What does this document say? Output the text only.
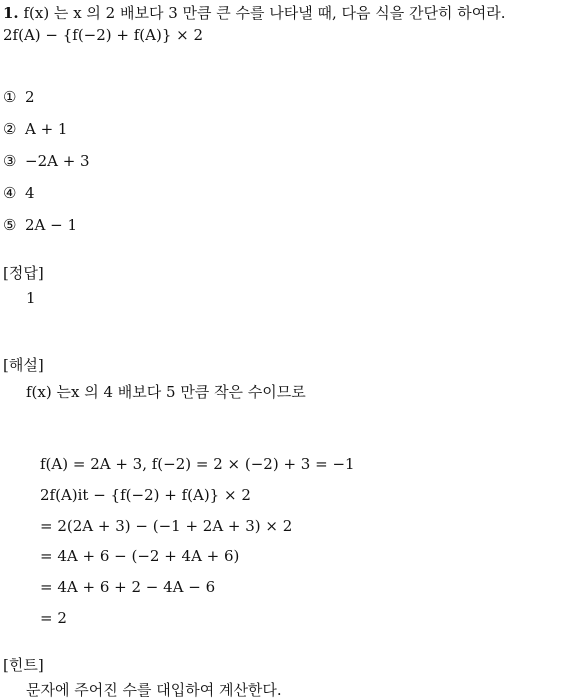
1. f(x) 는 x 의 2 배보다 3 만큼 큰 수를 나타낼 때, 다음 식을 간단히 하여라.
2f(A) − {f(−2) + f(A)} × 2
① 2
② A + 1
③ −2A + 3
④ 4
⑤ 2A − 1
[정답]
1
[해설]
f(x) 는x 의 4 배보다 5 만큼 작은 수이므로
f(A) = 2A + 3, f(−2) = 2 × (−2) + 3 = −1
2f(A)it − {f(−2) + f(A)} × 2
= 2(2A + 3) − (−1 + 2A + 3) × 2
= 4A + 6 − (−2 + 4A + 6)
= 4A + 6 + 2 − 4A − 6
= 2
[힌트]
문자에 주어진 수를 대입하여 계산한다.
